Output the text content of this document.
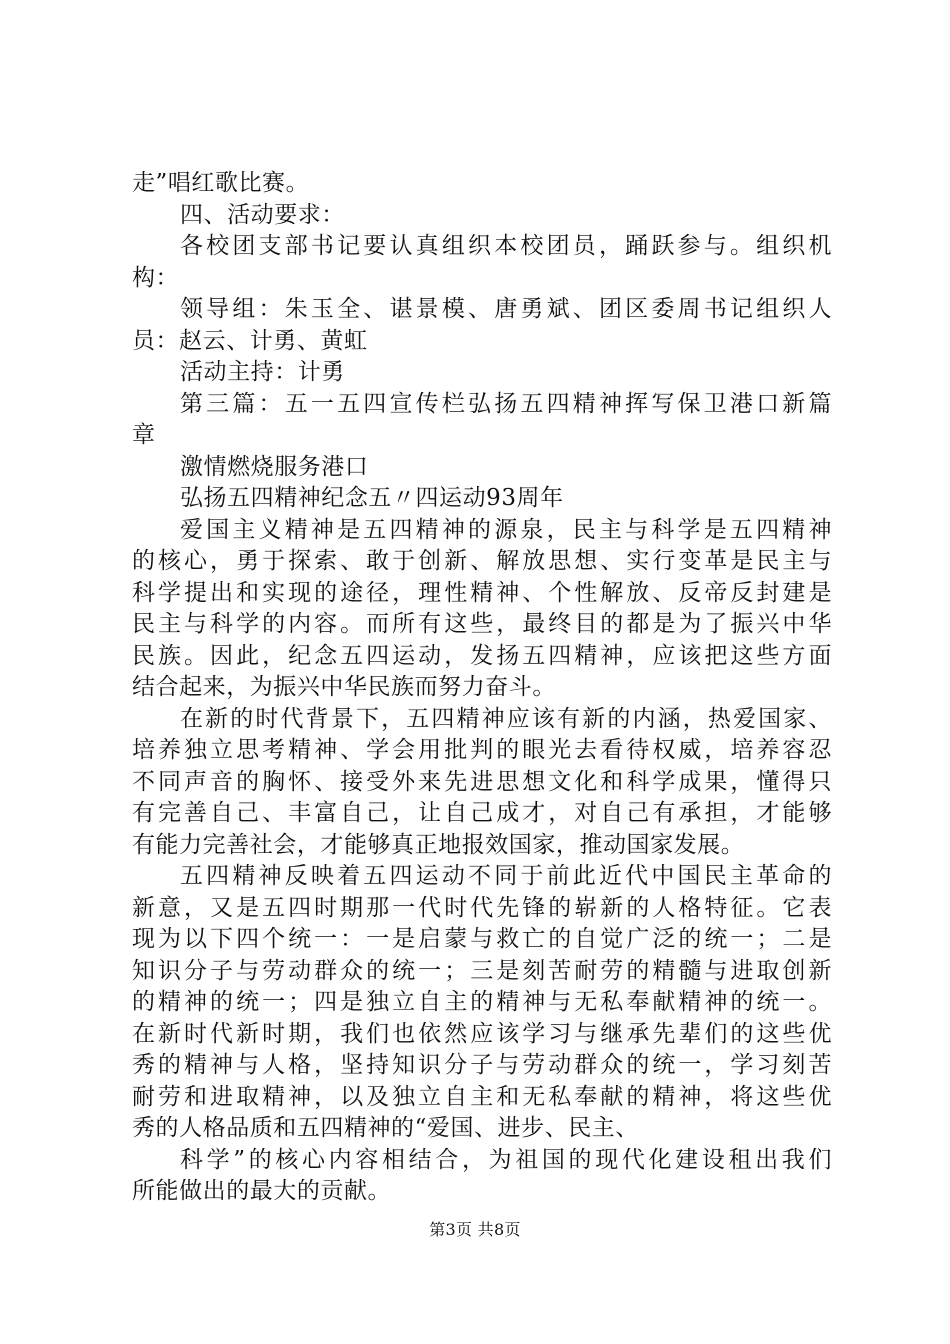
走”唱红歌比赛。
四、活动要求：
各校团支部书记要认真组织本校团员，踊跃参与。组织机
构：
领导组：朱玉全、谌景模、唐勇斌、团区委周书记组织人
员：赵云、计勇、黄虹
活动主持：计勇
第三篇：五一五四宣传栏弘扬五四精神挥写保卫港口新篇
章
激情燃烧服务港口
弘扬五四精神纪念五〃四运动93周年
爱国主义精神是五四精神的源泉，民主与科学是五四精神
的核心，勇于探索、敢于创新、解放思想、实行变革是民主与
科学提出和实现的途径，理性精神、个性解放、反帝反封建是
民主与科学的内容。而所有这些，最终目的都是为了振兴中华
民族。因此，纪念五四运动，发扬五四精神，应该把这些方面
结合起来，为振兴中华民族而努力奋斗。
在新的时代背景下，五四精神应该有新的内涵，热爱国家、
培养独立思考精神、学会用批判的眼光去看待权威，培养容忍
不同声音的胸怀、接受外来先进思想文化和科学成果，懂得只
有完善自己、丰富自己，让自己成才，对自己有承担，才能够
有能力完善社会，才能够真正地报效国家，推动国家发展。
五四精神反映着五四运动不同于前此近代中国民主革命的
新意，又是五四时期那一代时代先锋的崭新的人格特征。它表
现为以下四个统一：一是启蒙与救亡的自觉广泛的统一；二是
知识分子与劳动群众的统一；三是刻苦耐劳的精髓与进取创新
的精神的统一；四是独立自主的精神与无私奉献精神的统一。
在新时代新时期，我们也依然应该学习与继承先辈们的这些优
秀的精神与人格，坚持知识分子与劳动群众的统一，学习刻苦
耐劳和进取精神，以及独立自主和无私奉献的精神，将这些优
秀的人格品质和五四精神的“爱国、进步、民主、
科学”的核心内容相结合，为祖国的现代化建设租出我们
所能做出的最大的贡献。
第3页 共8页
